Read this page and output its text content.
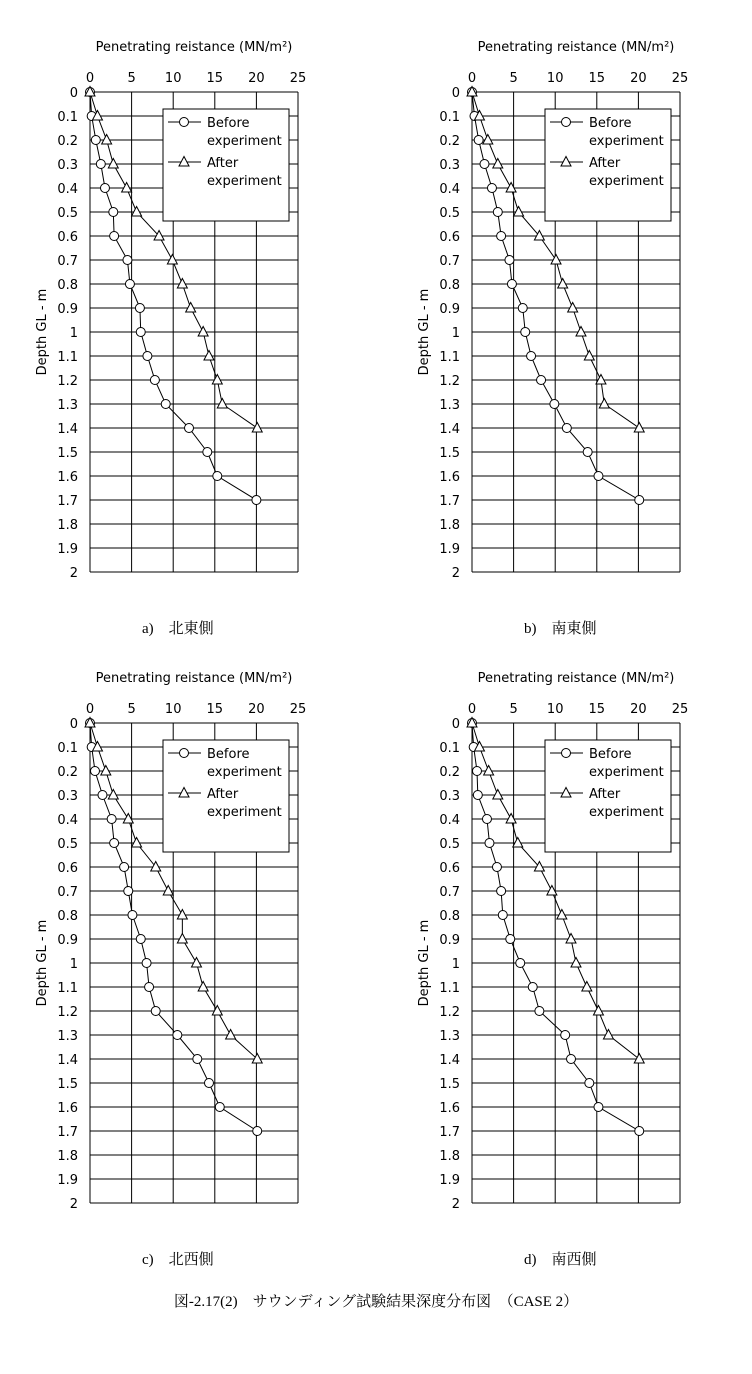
Penetrating reistance (MN/m²)
Depth GL - m
0	5 10 15 20 25
0
0.1
0.2
0.3
0.4
0.5
0.6
0.7
0.8
0.9
1
1.1
1.2
1.3
1.4
1.5
1.6
1.7
1.8
1.9
2
Before
experiment
After
experiment
a)　北東側
Penetrating reistance (MN/m²)
Depth GL - m
0	5 10 15 20 25
0
0.1
0.2
0.3
0.4
0.5
0.6
0.7
0.8
0.9
1
1.1
1.2
1.3
1.4
1.5
1.6
1.7
1.8
1.9
2
Before
experiment
After
experiment
b)　南東側
Penetrating reistance (MN/m²)
Depth GL - m
0	5 10 15 20 25
0
0.1
0.2
0.3
0.4
0.5
0.6
0.7
0.8
0.9
1
1.1
1.2
1.3
1.4
1.5
1.6
1.7
1.8
1.9
2
Before
experiment
After
experiment
c)　北西側
Penetrating reistance (MN/m²)
Depth GL - m
0	5 10 15 20 25
0
0.1
0.2
0.3
0.4
0.5
0.6
0.7
0.8
0.9
1
1.1
1.2
1.3
1.4
1.5
1.6
1.7
1.8
1.9
2
Before
experiment
After
experiment
d)　南西側
図-2.17(2)　サウンディング試験結果深度分布図　（CASE 2）
